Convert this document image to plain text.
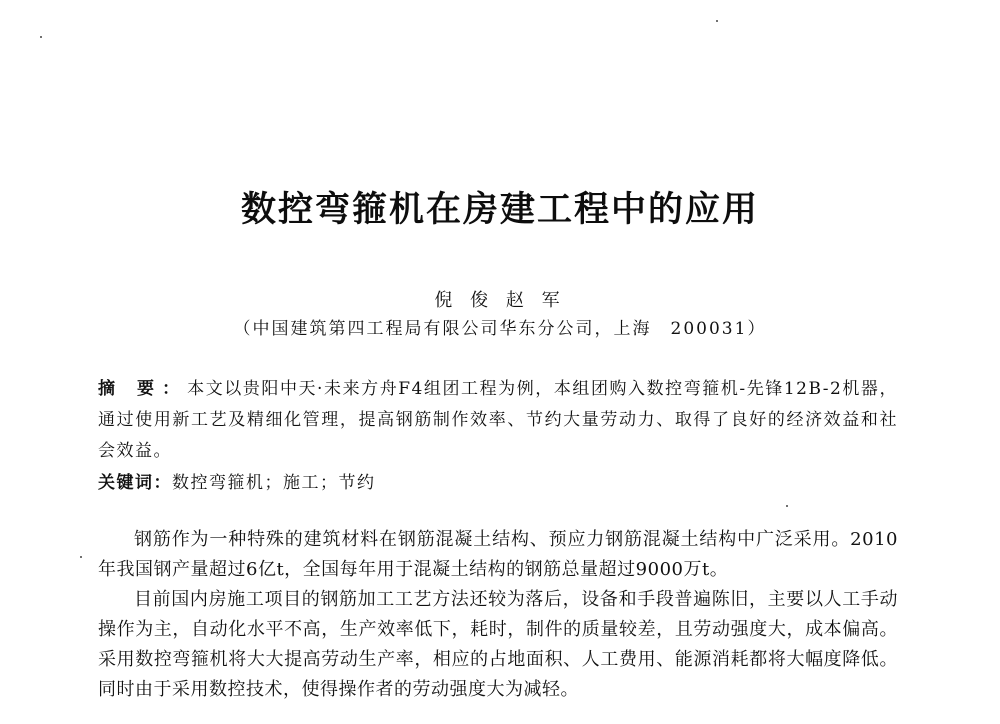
数控弯箍机在房建工程中的应用
倪 俊 赵 军
（中国建筑第四工程局有限公司华东分公司，上海　200031）
摘 要：本文以贵阳中天·未来方舟F4组团工程为例，本组团购入数控弯箍机-先锋12B-2机器，通过使用新工艺及精细化管理，提高钢筋制作效率、节约大量劳动力、取得了良好的经济效益和社会效益。
关键词：数控弯箍机；施工；节约

钢筋作为一种特殊的建筑材料在钢筋混凝土结构、预应力钢筋混凝土结构中广泛采用。2010年我国钢产量超过6亿t，全国每年用于混凝土结构的钢筋总量超过9000万t。

目前国内房施工项目的钢筋加工工艺方法还较为落后，设备和手段普遍陈旧，主要以人工手动操作为主，自动化水平不高，生产效率低下，耗时，制件的质量较差，且劳动强度大，成本偏高。采用数控弯箍机将大大提高劳动生产率，相应的占地面积、人工费用、能源消耗都将大幅度降低。同时由于采用数控技术，使得操作者的劳动强度大为减轻。
